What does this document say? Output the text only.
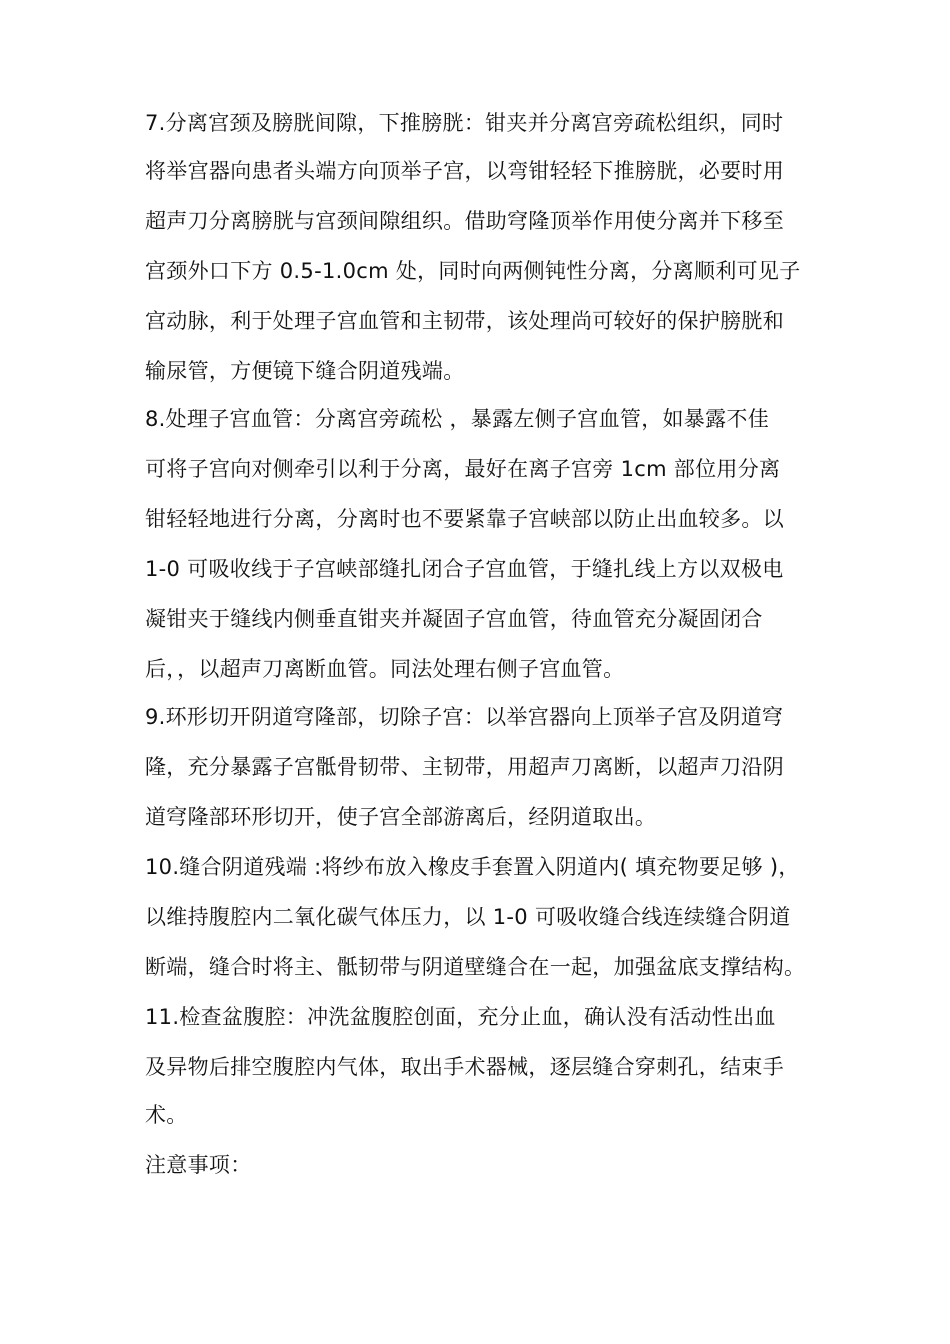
7.分离宫颈及膀胱间隙，下推膀胱：钳夹并分离宫旁疏松组织，同时
将举宫器向患者头端方向顶举子宫，以弯钳轻轻下推膀胱，必要时用
超声刀分离膀胱与宫颈间隙组织。借助穹隆顶举作用使分离并下移至
宫颈外口下方 0.5-1.0cm 处，同时向两侧钝性分离，分离顺利可见子
宫动脉，利于处理子宫血管和主韧带，该处理尚可较好的保护膀胱和
输尿管，方便镜下缝合阴道残端。
8.处理子宫血管：分离宫旁疏松 ，暴露左侧子宫血管，如暴露不佳
可将子宫向对侧牵引以利于分离，最好在离子宫旁 1cm 部位用分离
钳轻轻地进行分离，分离时也不要紧靠子宫峡部以防止出血较多。以
1-0 可吸收线于子宫峡部缝扎闭合子宫血管，于缝扎线上方以双极电
凝钳夹于缝线内侧垂直钳夹并凝固子宫血管，待血管充分凝固闭合
后，，以超声刀离断血管。同法处理右侧子宫血管。
9.环形切开阴道穹隆部，切除子宫：以举宫器向上顶举子宫及阴道穹
隆，充分暴露子宫骶骨韧带、主韧带，用超声刀离断，以超声刀沿阴
道穹隆部环形切开，使子宫全部游离后，经阴道取出。
10.缝合阴道残端 :将纱布放入橡皮手套置入阴道内( 填充物要足够 )，
以维持腹腔内二氧化碳气体压力，以 1-0 可吸收缝合线连续缝合阴道
断端，缝合时将主、骶韧带与阴道壁缝合在一起，加强盆底支撑结构。
11.检查盆腹腔：冲洗盆腹腔创面，充分止血，确认没有活动性出血
及异物后排空腹腔内气体，取出手术器械，逐层缝合穿刺孔，结束手
术。
注意事项：
